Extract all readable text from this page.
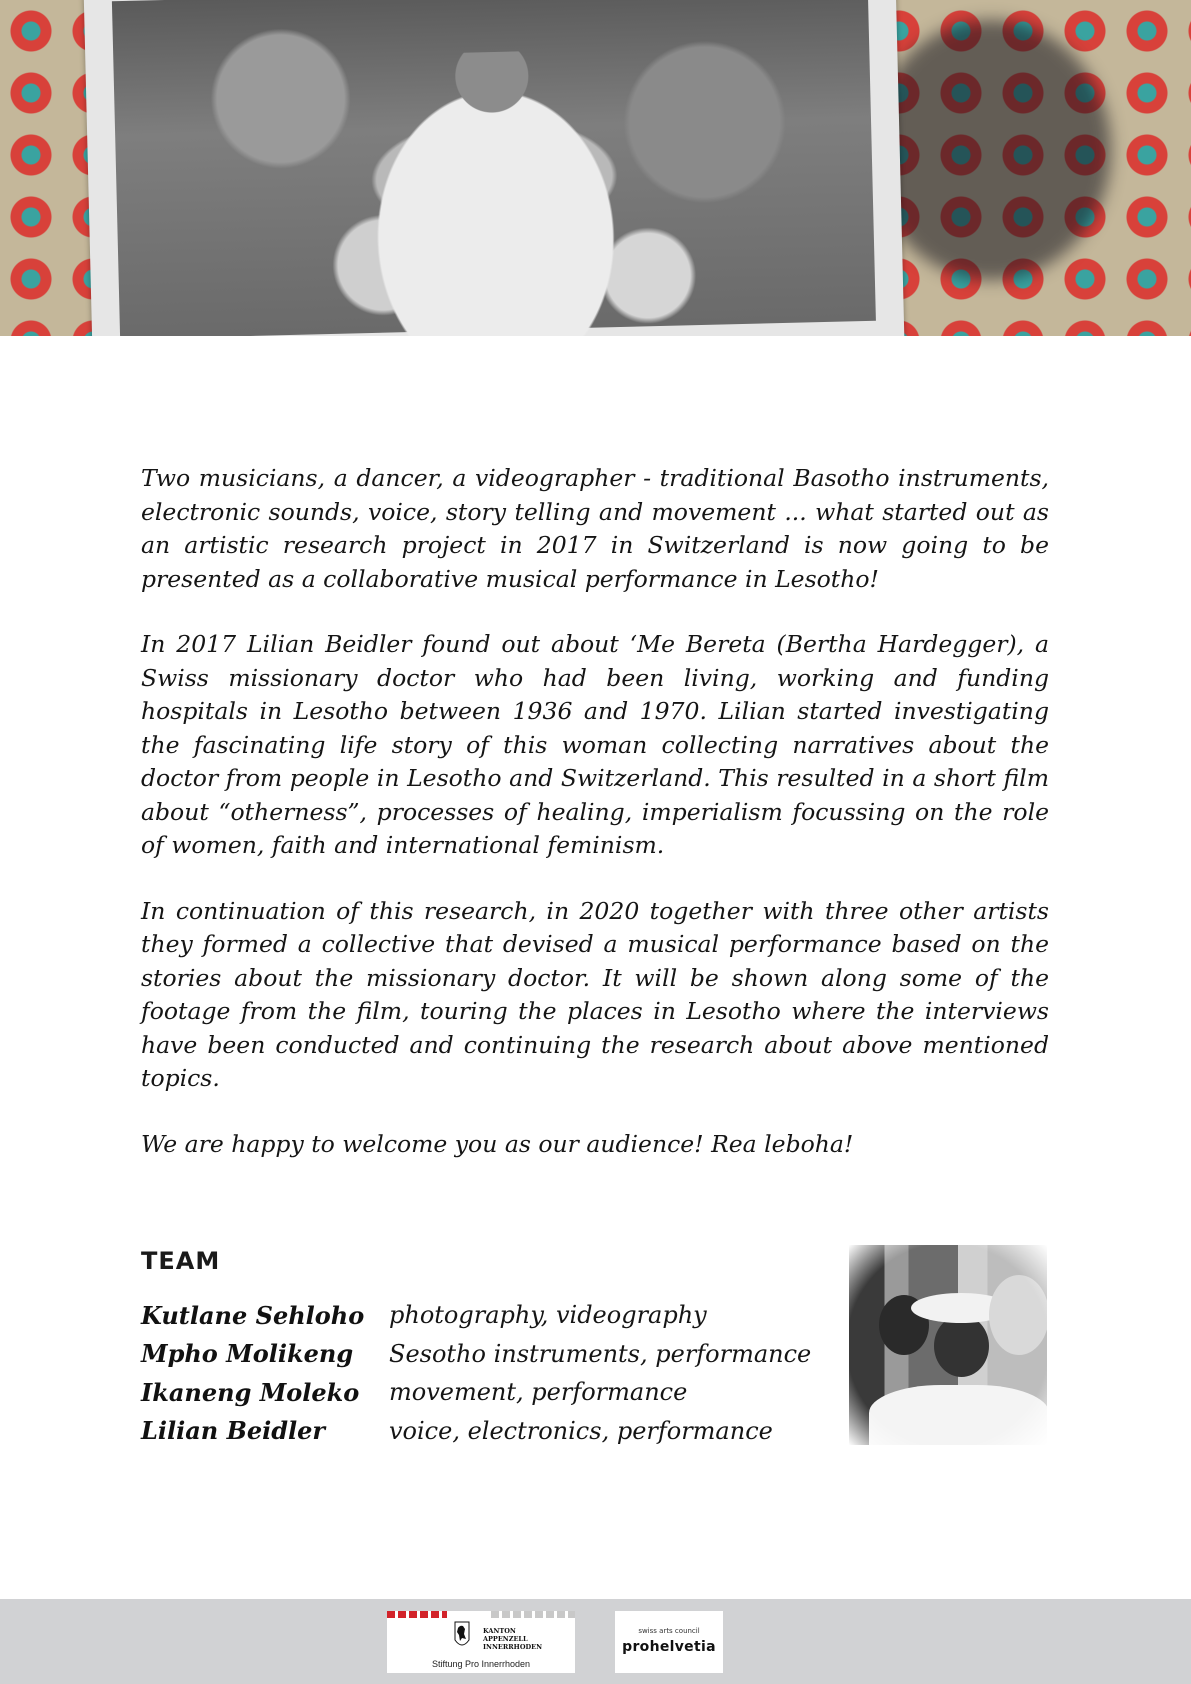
Two musicians, a dancer, a videographer - traditional Basotho instruments, electronic sounds, voice, story telling and movement ... what started out as an artistic research project in 2017 in Switzerland is now going to be presented as a collaborative musical performance in Lesotho!

In 2017 Lilian Beidler found out about ‘Me Bereta (Bertha Hardegger), a Swiss missionary doctor who had been living, working and funding hospitals in Lesotho between 1936 and 1970. Lilian started investigating the fascinating life story of this woman collecting narratives about the doctor from people in Lesotho and Switzerland. This resulted in a short film about “otherness”, processes of healing, imperialism focussing on the role of women, faith and international feminism.

In continuation of this research, in 2020 together with three other artists they formed a collective that devised a musical performance based on the stories about the missionary doctor. It will be shown along some of the footage from the film, touring the places in Lesotho where the interviews have been conducted and continuing the research about above mentioned topics.

We are happy to welcome you as our audience! Rea leboha!

TEAM
Kutlane Sehloho	photography, videography
Mpho Molikeng	Sesotho instruments, performance
Ikaneng Moleko	movement, performance
Lilian Beidler	voice, electronics, performance
KANTON
APPENZELL INNERRHODEN
Stiftung Pro Innerrhoden
swiss arts council
prohelvetia
